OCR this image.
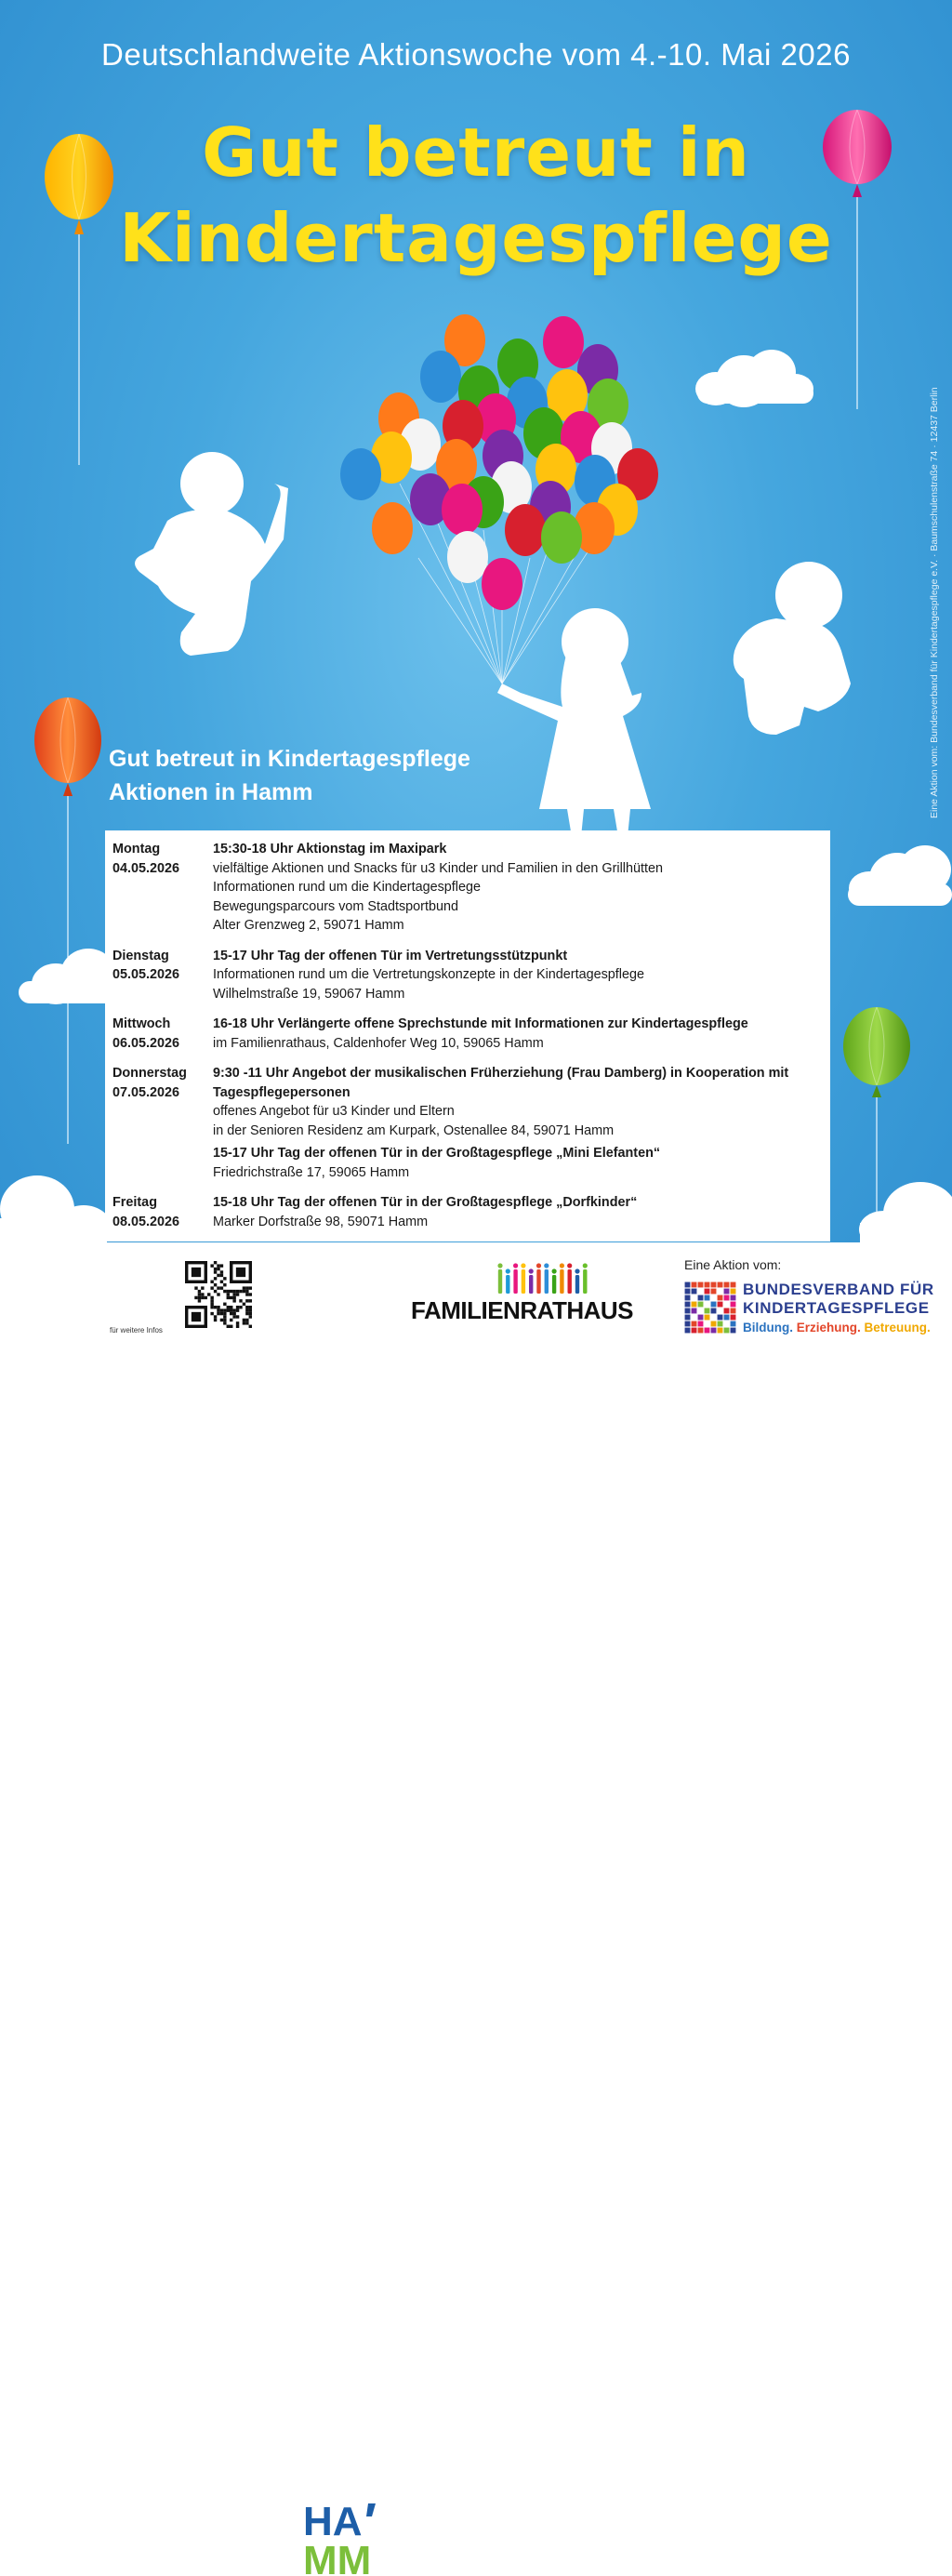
Deutschlandweite Aktionswoche vom 4.-10. Mai 2026
Gut betreut in
Kindertagespflege
Eine Aktion vom: Bundesverband für Kindertagespflege e.V. · Baumschulenstraße 74 · 12437 Berlin
Gut betreut in Kindertagespflege
Aktionen in Hamm
Montag
04.05.2026
15:30-18 Uhr Aktionstag im Maxipark
vielfältige Aktionen und Snacks für u3 Kinder und Familien in den Grillhütten
Informationen rund um die Kindertagespflege
Bewegungsparcours vom Stadtsportbund
Alter Grenzweg 2, 59071 Hamm
Dienstag
05.05.2026
15-17 Uhr Tag der offenen Tür im Vertretungsstützpunkt
Informationen rund um die Vertretungskonzepte in der Kindertagespflege
Wilhelmstraße 19, 59067 Hamm
Mittwoch
06.05.2026
16-18 Uhr Verlängerte offene Sprechstunde mit Informationen zur Kindertagespflege
im Familienrathaus, Caldenhofer Weg 10, 59065 Hamm
Donnerstag
07.05.2026
9:30 -11 Uhr Angebot der musikalischen Früherziehung (Frau Damberg) in Kooperation mit Tagespflegepersonen
offenes Angebot für u3 Kinder und Eltern
in der Senioren Residenz am Kurpark, Ostenallee 84, 59071 Hamm
15-17 Uhr Tag der offenen Tür in der Großtagespflege „Mini Elefanten“
Friedrichstraße 17, 59065 Hamm
Freitag
08.05.2026
15-18 Uhr Tag der offenen Tür in der Großtagespflege „Dorfkinder“
Marker Dorfstraße 98, 59071 Hamm
HA
MM
für weitere Infos
FAMILIENRATHAUS
Eine Aktion vom:
BUNDESVERBAND FÜR
KINDERTAGESPFLEGE
Bildung. Erziehung. Betreuung.
